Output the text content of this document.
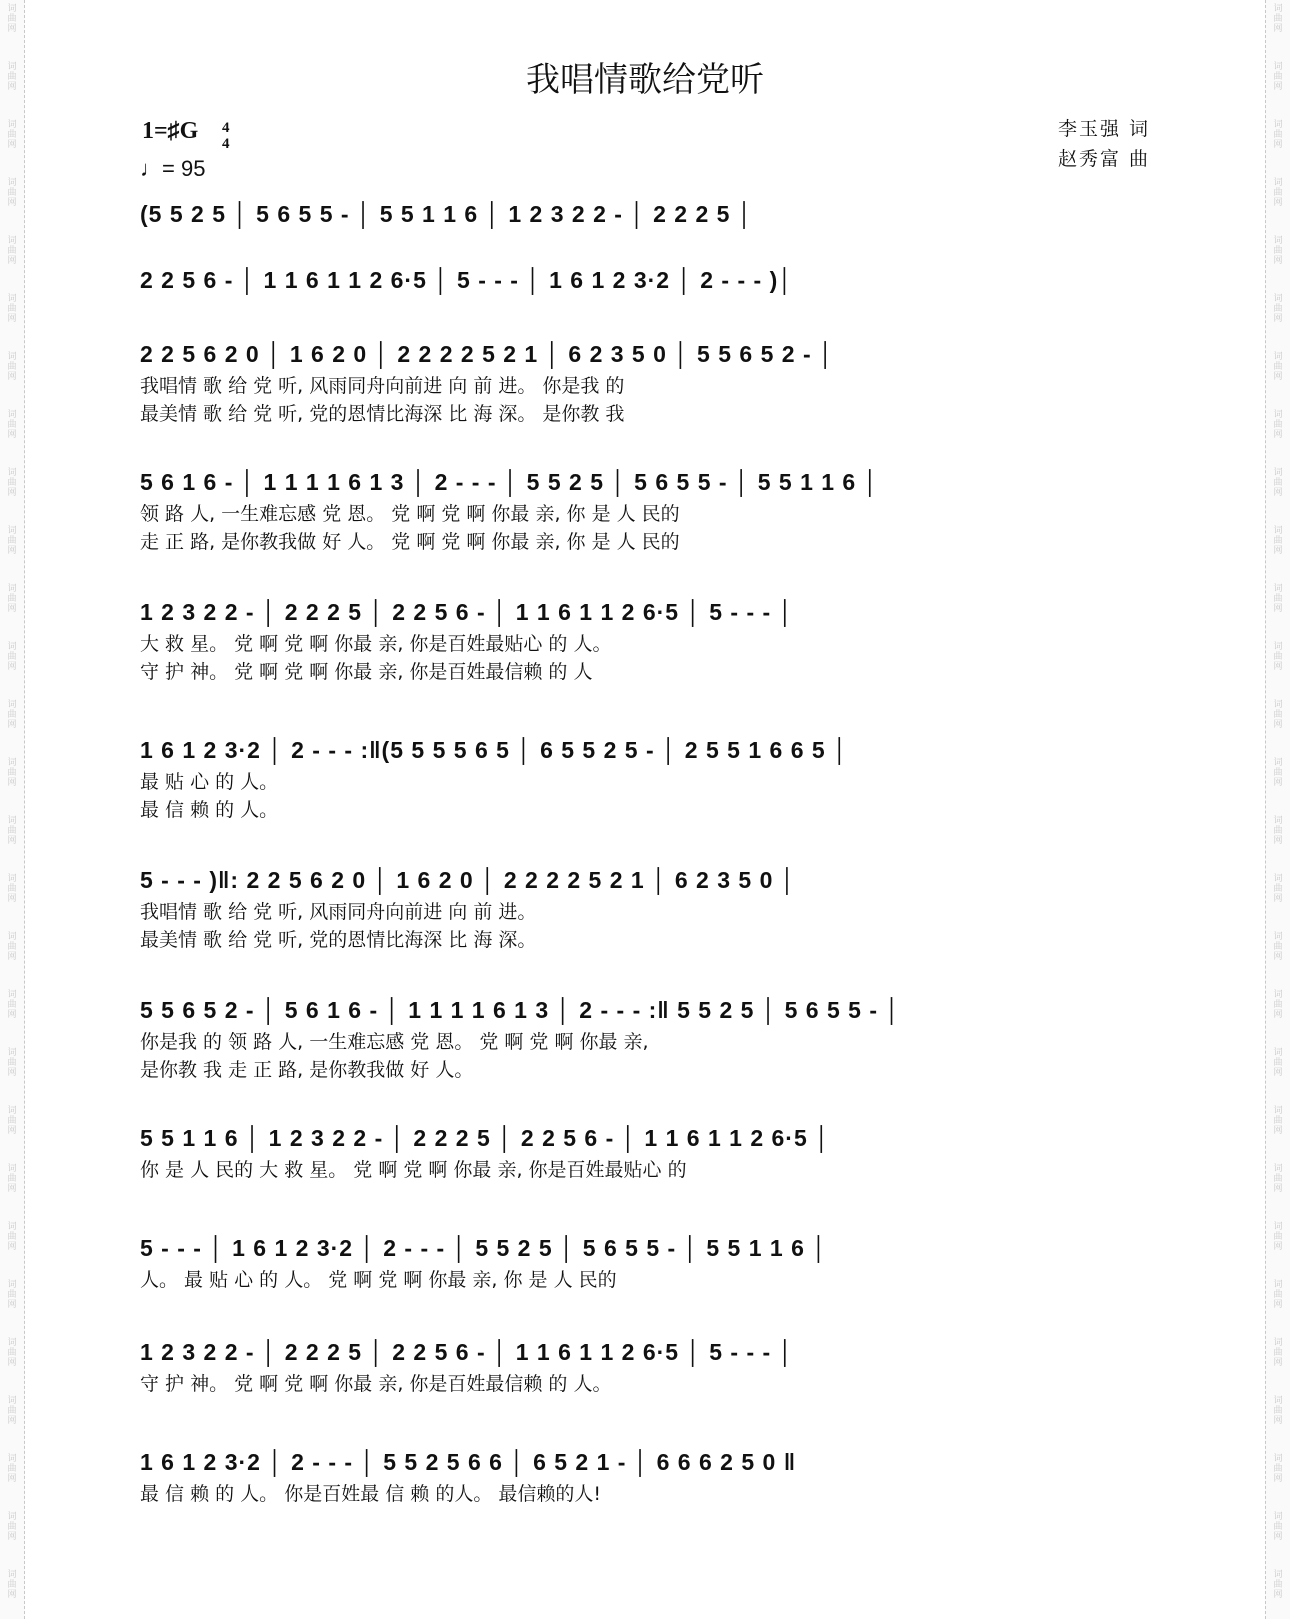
词曲网
词曲网
词曲网
词曲网
词曲网
词曲网
词曲网
词曲网
词曲网
词曲网
词曲网
词曲网
词曲网
词曲网
词曲网
词曲网
词曲网
词曲网
词曲网
词曲网
词曲网
词曲网
词曲网
词曲网
词曲网
词曲网
词曲网
词曲网
词曲网
词曲网
词曲网
词曲网
词曲网
词曲网
词曲网
词曲网
词曲网
词曲网
词曲网
词曲网
词曲网
词曲网
词曲网
词曲网
词曲网
词曲网
词曲网
词曲网
词曲网
词曲网
词曲网
词曲网
词曲网
词曲网
词曲网
词曲网
我唱情歌给党听
李玉强 词
赵秀富 曲
1=♯G 4
4
♩= 95
(5 5 2 5 │ 5 6 5 5 - │ 5 5 1 1 6 │ 1 2 3 2 2 - │ 2 2 2 5 │
2 2 5 6 - │ 1 1 6 1 1 2 6·5 │ 5 - - - │ 1 6 1 2 3·2 │ 2 - - - )│
2 2 5 6 2 0 │ 1 6 2 0 │ 2 2 2 2 5 2 1 │ 6 2 3 5 0 │ 5 5 6 5 2 - │
我唱情 歌 给 党 听, 风雨同舟向前进 向 前 进。 你是我 的
最美情 歌 给 党 听, 党的恩情比海深 比 海 深。 是你教 我
5 6 1 6 - │ 1 1 1 1 6 1 3 │ 2 - - - │ 5 5 2 5 │ 5 6 5 5 - │ 5 5 1 1 6 │
领 路 人, 一生难忘感 党 恩。 党 啊 党 啊 你最 亲, 你 是 人 民的
走 正 路, 是你教我做 好 人。 党 啊 党 啊 你最 亲, 你 是 人 民的
1 2 3 2 2 - │ 2 2 2 5 │ 2 2 5 6 - │ 1 1 6 1 1 2 6·5 │ 5 - - - │
大 救 星。 党 啊 党 啊 你最 亲, 你是百姓最贴心 的 人。
守 护 神。 党 啊 党 啊 你最 亲, 你是百姓最信赖 的 人
1 6 1 2 3·2 │ 2 - - - :‖(5 5 5 5 6 5 │ 6 5 5 2 5 - │ 2 5 5 1 6 6 5 │
最 贴 心 的 人。
最 信 赖 的 人。
5 - - - )‖: 2 2 5 6 2 0 │ 1 6 2 0 │ 2 2 2 2 5 2 1 │ 6 2 3 5 0 │
我唱情 歌 给 党 听, 风雨同舟向前进 向 前 进。
最美情 歌 给 党 听, 党的恩情比海深 比 海 深。
5 5 6 5 2 - │ 5 6 1 6 - │ 1 1 1 1 6 1 3 │ 2 - - - :‖ 5 5 2 5 │ 5 6 5 5 - │
你是我 的 领 路 人, 一生难忘感 党 恩。 党 啊 党 啊 你最 亲,
是你教 我 走 正 路, 是你教我做 好 人。
5 5 1 1 6 │ 1 2 3 2 2 - │ 2 2 2 5 │ 2 2 5 6 - │ 1 1 6 1 1 2 6·5 │
你 是 人 民的 大 救 星。 党 啊 党 啊 你最 亲, 你是百姓最贴心 的
5 - - - │ 1 6 1 2 3·2 │ 2 - - - │ 5 5 2 5 │ 5 6 5 5 - │ 5 5 1 1 6 │
人。 最 贴 心 的 人。 党 啊 党 啊 你最 亲, 你 是 人 民的
1 2 3 2 2 - │ 2 2 2 5 │ 2 2 5 6 - │ 1 1 6 1 1 2 6·5 │ 5 - - - │
守 护 神。 党 啊 党 啊 你最 亲, 你是百姓最信赖 的 人。
1 6 1 2 3·2 │ 2 - - - │ 5 5 2 5 6 6 │ 6 5 2 1 - │ 6 6 6 2 5 0 ‖
最 信 赖 的 人。 你是百姓最 信 赖 的人。 最信赖的人!
